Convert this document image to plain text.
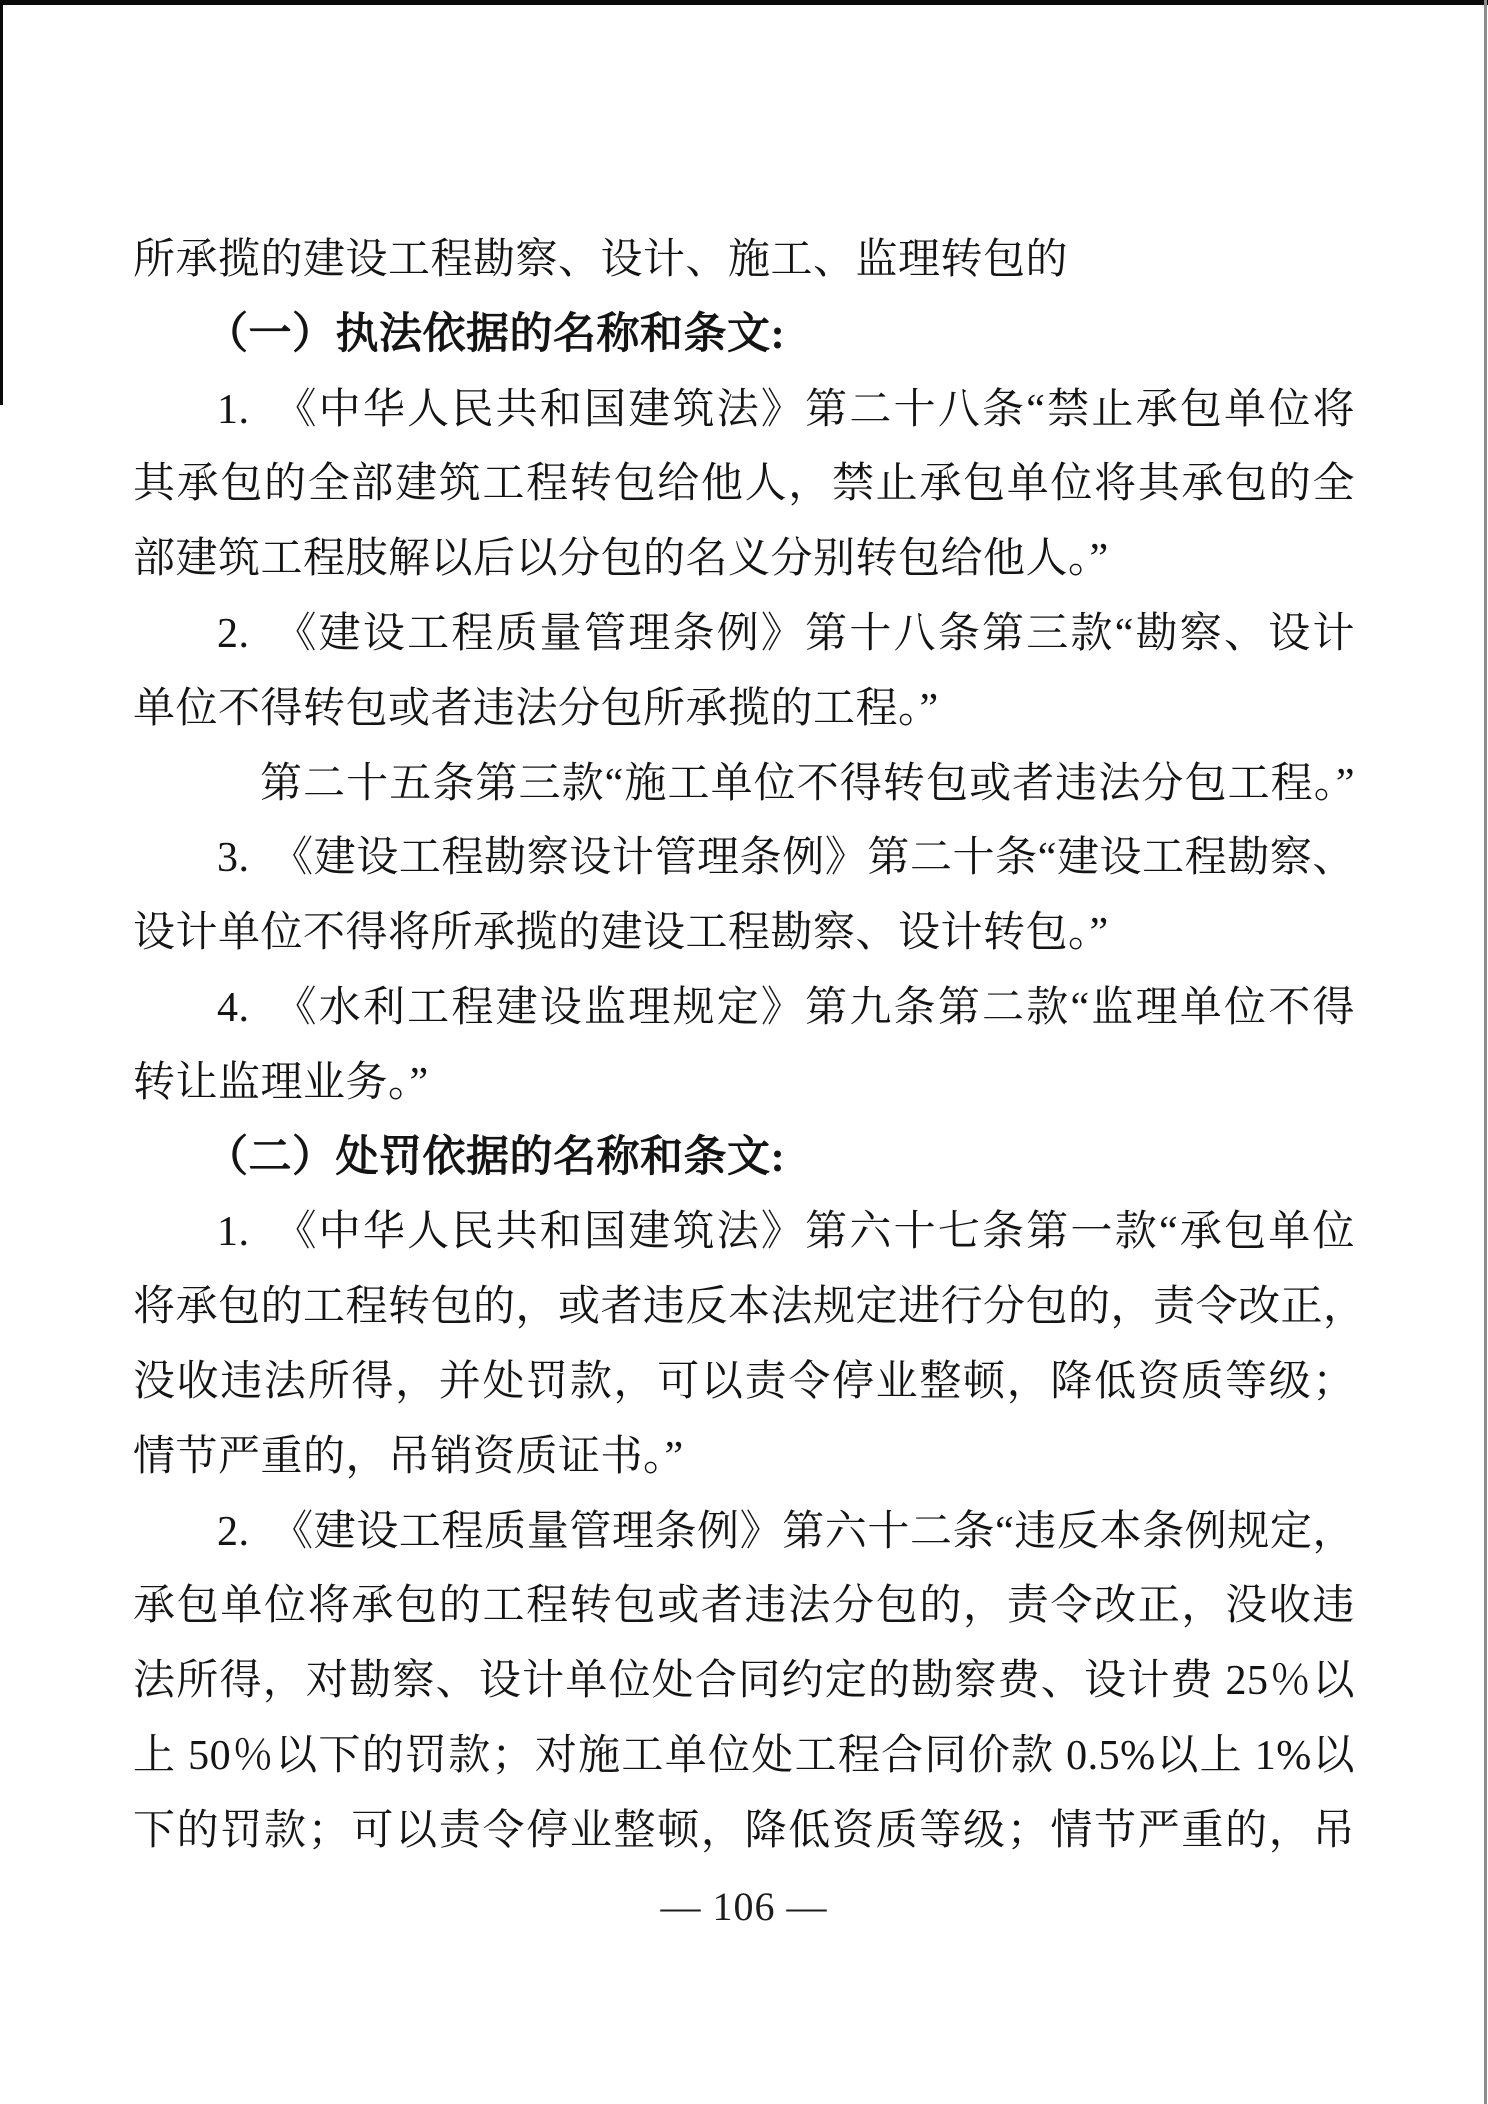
所承揽的建设工程勘察、设计、施工、监理转包的
（一）执法依据的名称和条文:
1.　《中华人民共和国建筑法》第二十八条“禁止承包单位将
其承包的全部建筑工程转包给他人，禁止承包单位将其承包的全
部建筑工程肢解以后以分包的名义分别转包给他人。”
2.　《建设工程质量管理条例》第十八条第三款“勘察、设计
单位不得转包或者违法分包所承揽的工程。”
第二十五条第三款“施工单位不得转包或者违法分包工程。”
3.　《建设工程勘察设计管理条例》第二十条“建设工程勘察、
设计单位不得将所承揽的建设工程勘察、设计转包。”
4.　《水利工程建设监理规定》第九条第二款“监理单位不得
转让监理业务。”
（二）处罚依据的名称和条文:
1.　《中华人民共和国建筑法》第六十七条第一款“承包单位
将承包的工程转包的，或者违反本法规定进行分包的，责令改正，
没收违法所得，并处罚款，可以责令停业整顿，降低资质等级；
情节严重的，吊销资质证书。”
2.　《建设工程质量管理条例》第六十二条“违反本条例规定，
承包单位将承包的工程转包或者违法分包的，责令改正，没收违
法所得，对勘察、设计单位处合同约定的勘察费、设计费 25％以
上 50％以下的罚款；对施工单位处工程合同价款 0.5%以上 1%以
下的罚款；可以责令停业整顿，降低资质等级；情节严重的，吊
— 106 —
